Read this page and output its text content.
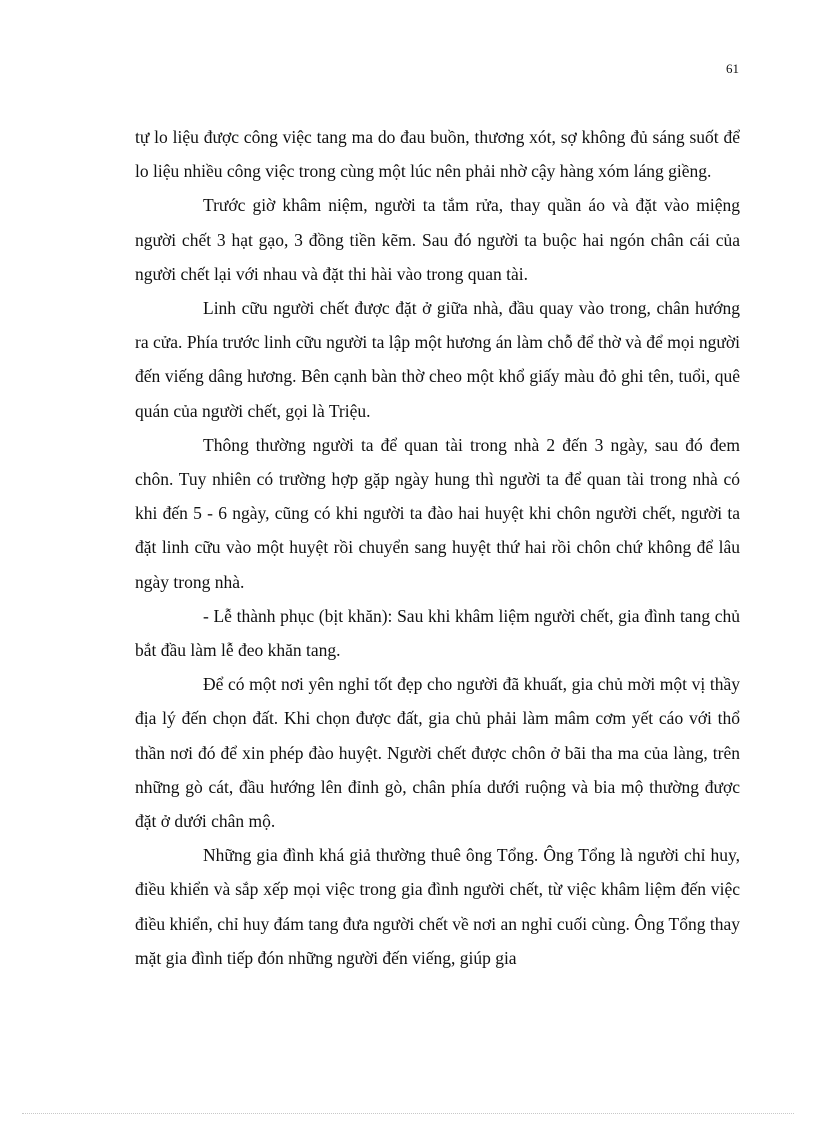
61

tự lo liệu được công việc tang ma do đau buồn, thương xót, sợ không đủ sáng suốt để lo liệu nhiều công việc trong cùng một lúc nên phải nhờ cậy hàng xóm láng giềng.

Trước giờ khâm niệm, người ta tắm rửa, thay quần áo và đặt vào miệng người chết 3 hạt gạo, 3 đồng tiền kẽm. Sau đó người ta buộc hai ngón chân cái của người chết lại với nhau và đặt thi hài vào trong quan tài.

Linh cữu người chết được đặt ở giữa nhà, đầu quay vào trong, chân hướng ra cửa. Phía trước linh cữu người ta lập một hương án làm chỗ để thờ và để mọi người đến viếng dâng hương. Bên cạnh bàn thờ cheo một khổ giấy màu đỏ ghi tên, tuổi, quê quán của người chết, gọi là Triệu.

Thông thường người ta để quan tài trong nhà 2 đến 3 ngày, sau đó đem chôn. Tuy nhiên có trường hợp gặp ngày hung thì người ta để quan tài trong nhà có khi đến 5 - 6 ngày, cũng có khi người ta đào hai huyệt khi chôn người chết, người ta đặt linh cữu vào một huyệt rồi chuyển sang huyệt thứ hai rồi chôn chứ không để lâu ngày trong nhà.

- Lễ thành phục (bịt khăn): Sau khi khâm liệm người chết, gia đình tang chủ bắt đầu làm lễ đeo khăn tang.

Để có một nơi yên nghỉ tốt đẹp cho người đã khuất, gia chủ mời một vị thầy địa lý đến chọn đất. Khi chọn được đất, gia chủ phải làm mâm cơm yết cáo với thổ thần nơi đó để xin phép đào huyệt. Người chết được chôn ở bãi tha ma của làng, trên những gò cát, đầu hướng lên đỉnh gò, chân phía dưới ruộng và bia mộ thường được đặt ở dưới chân mộ.

Những gia đình khá giả thường thuê ông Tổng. Ông Tổng là người chỉ huy, điều khiển và sắp xếp mọi việc trong gia đình người chết, từ việc khâm liệm đến việc điều khiển, chỉ huy đám tang đưa người chết về nơi an nghỉ cuối cùng. Ông Tổng thay mặt gia đình tiếp đón những người đến viếng, giúp gia
